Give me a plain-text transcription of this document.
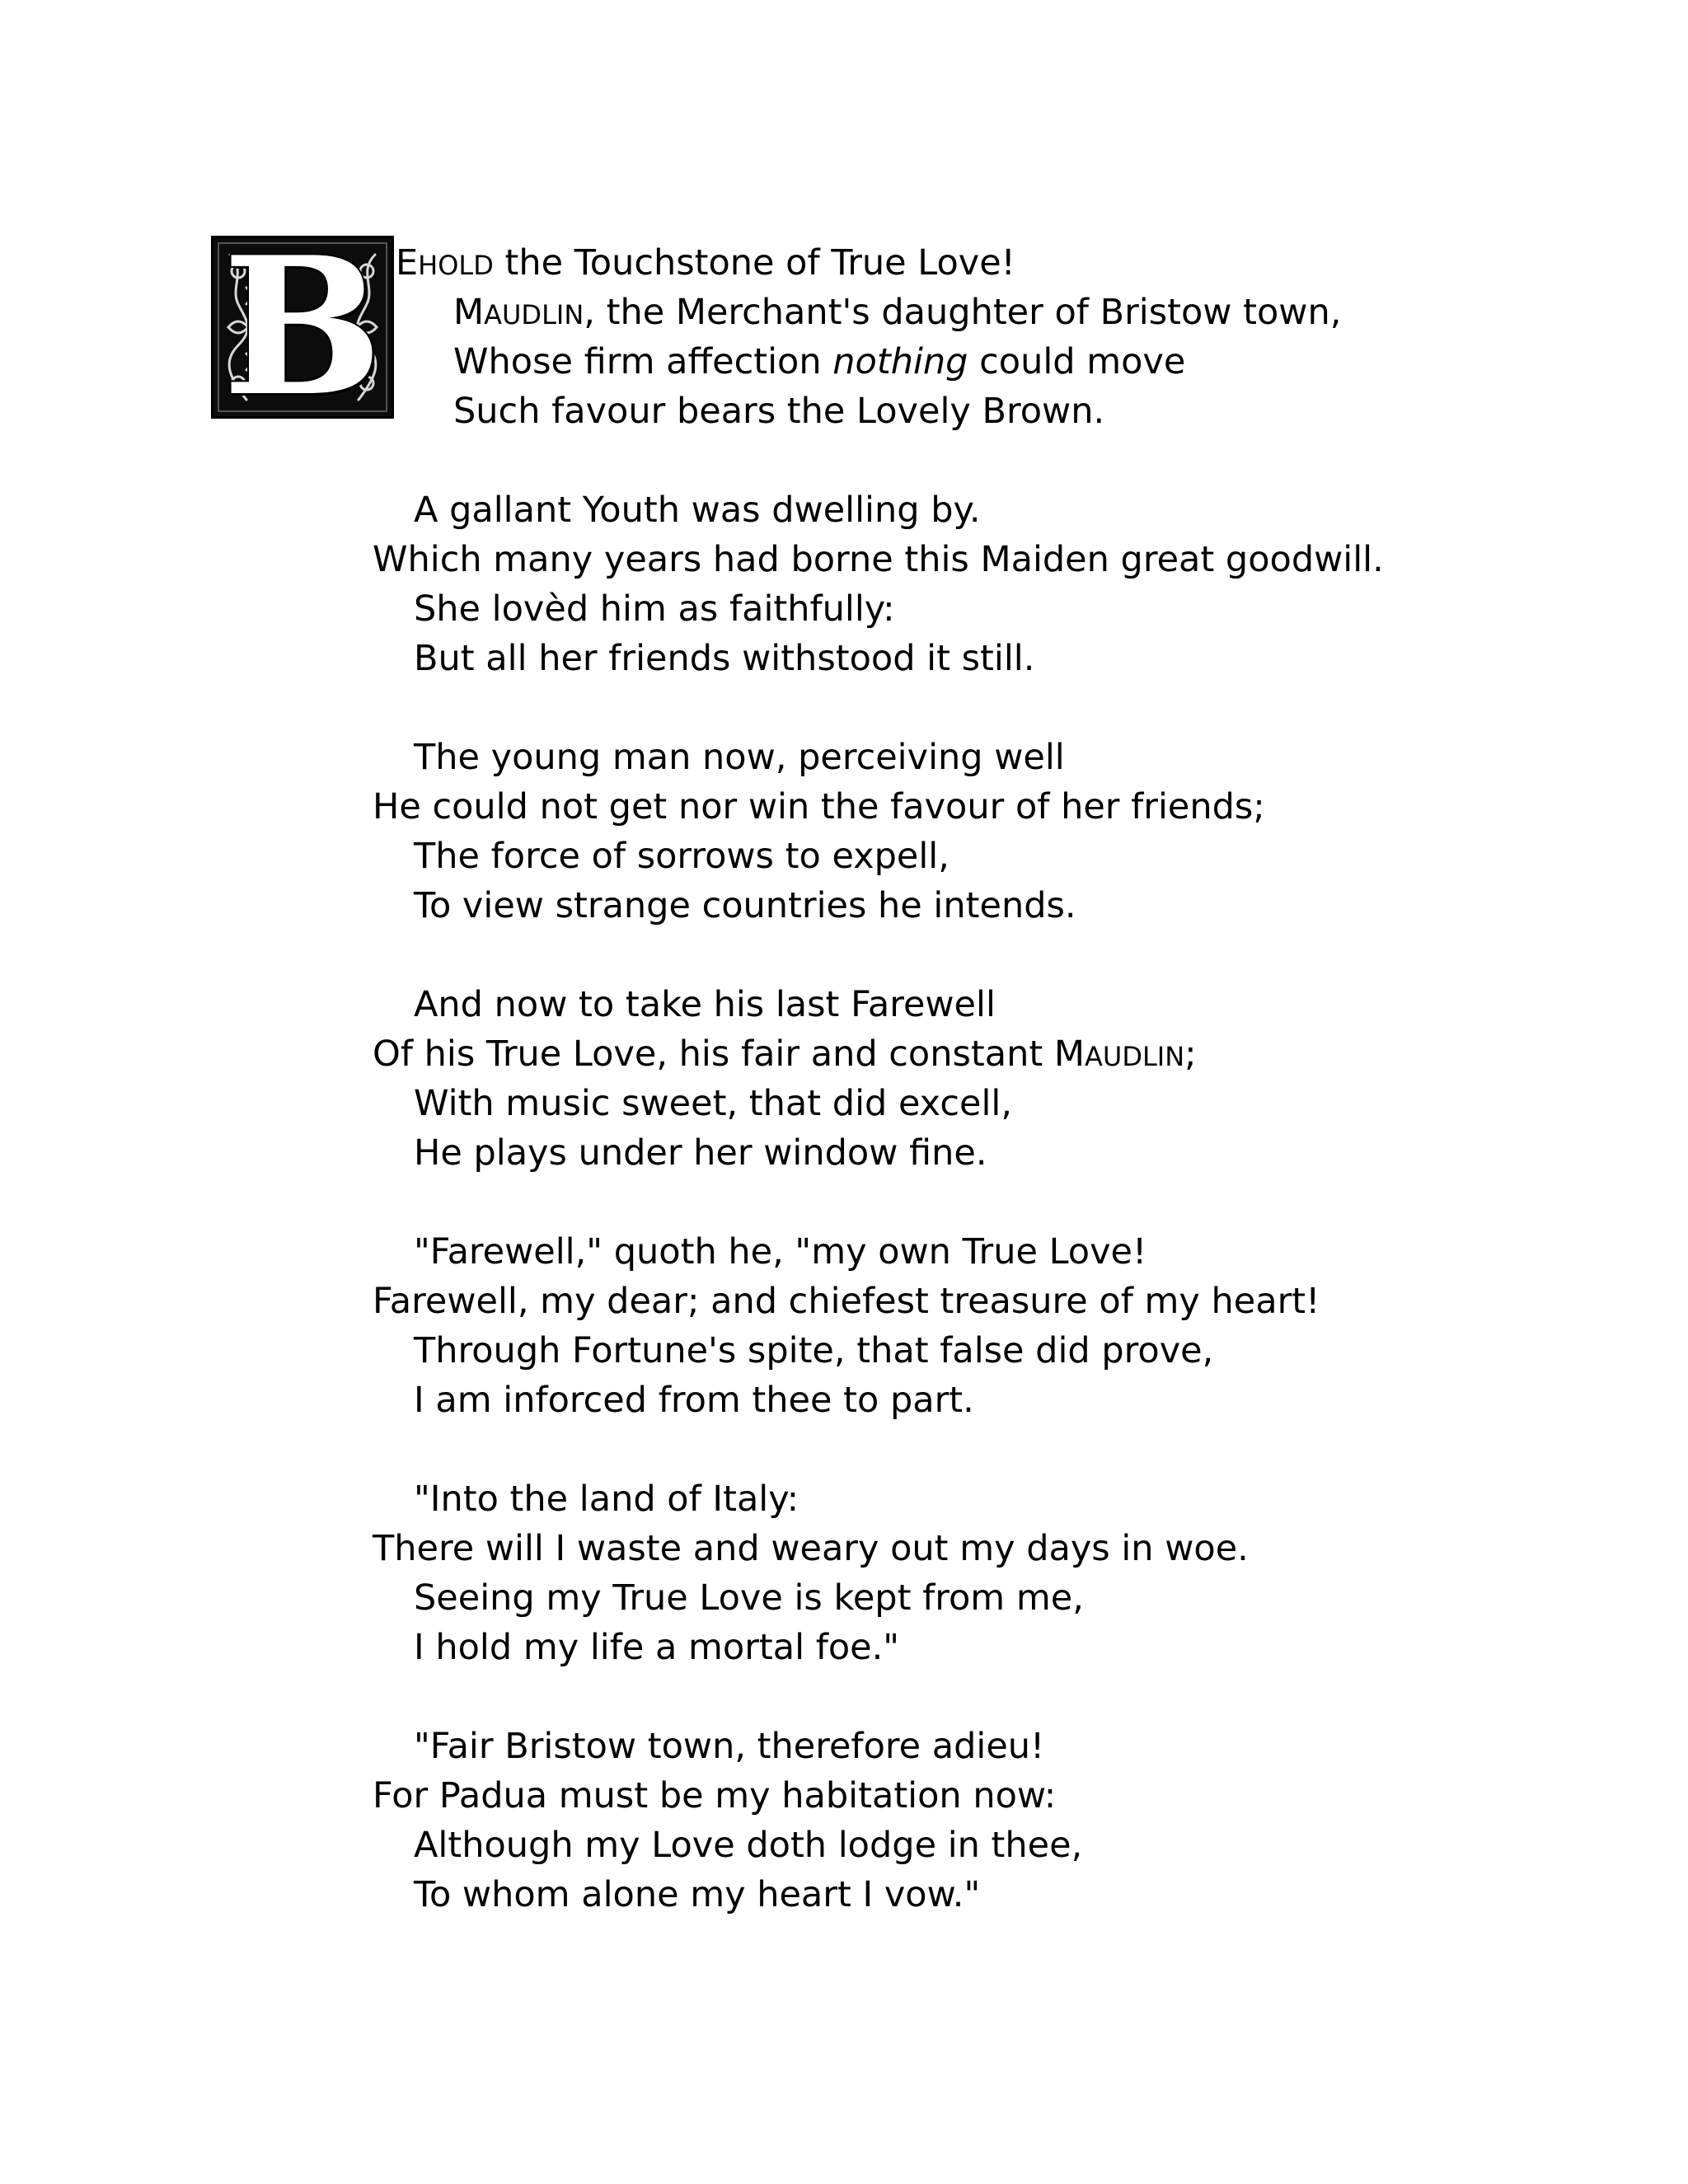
B EHOLD the Touchstone of True Love!
MAUDLIN, the Merchant's daughter of Bristow town,
Whose firm affection nothing could move
Such favour bears the Lovely Brown.
A gallant Youth was dwelling by.
Which many years had borne this Maiden great goodwill.
She lovèd him as faithfully:
But all her friends withstood it still.
The young man now, perceiving well
He could not get nor win the favour of her friends;
The force of sorrows to expell,
To view strange countries he intends.
And now to take his last Farewell
Of his True Love, his fair and constant MAUDLIN;
With music sweet, that did excell,
He plays under her window fine.
"Farewell," quoth he, "my own True Love!
Farewell, my dear; and chiefest treasure of my heart!
Through Fortune's spite, that false did prove,
I am inforced from thee to part.
"Into the land of Italy:
There will I waste and weary out my days in woe.
Seeing my True Love is kept from me,
I hold my life a mortal foe."
"Fair Bristow town, therefore adieu!
For Padua must be my habitation now:
Although my Love doth lodge in thee,
To whom alone my heart I vow."
